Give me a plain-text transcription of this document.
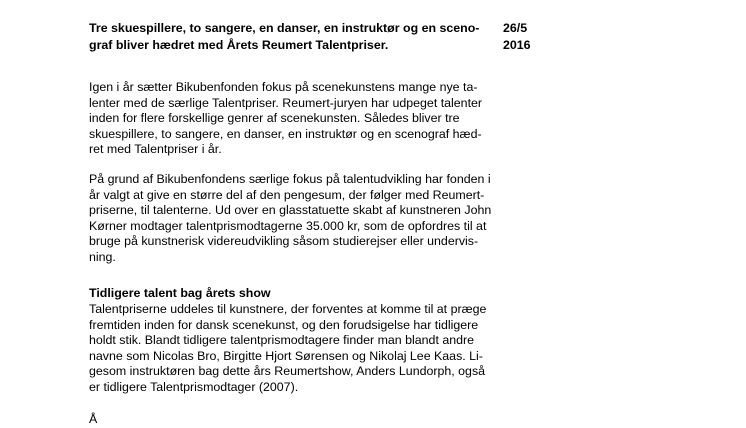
Tre skuespillere, to sangere, en danser, en instruktør og en sceno-
graf bliver hædret med Årets Reumert Talentpriser.
26/5
2016

Igen i år sætter Bikubenfonden fokus på scenekunstens mange nye ta-
lenter med de særlige Talentpriser. Reumert-juryen har udpeget talenter
inden for flere forskellige genrer af scenekunsten. Således bliver tre
skuespillere, to sangere, en danser, en instruktør og en scenograf hæd-
ret med Talentpriser i år.

På grund af Bikubenfondens særlige fokus på talentudvikling har fonden i
år valgt at give en større del af den pengesum, der følger med Reumert-
priserne, til talenterne. Ud over en glasstatuette skabt af kunstneren John
Kørner modtager talentprismodtagerne 35.000 kr, som de opfordres til at
bruge på kunstnerisk videreudvikling såsom studierejser eller undervis-
ning.

Tidligere talent bag årets show

Talentpriserne uddeles til kunstnere, der forventes at komme til at præge
fremtiden inden for dansk scenekunst, og den forudsigelse har tidligere
holdt stik. Blandt tidligere talentprismodtagere finder man blandt andre
navne som Nicolas Bro, Birgitte Hjort Sørensen og Nikolaj Lee Kaas. Li-
gesom instruktøren bag dette års Reumertshow, Anders Lundorph, også
er tidligere Talentprismodtager (2007).

Å
